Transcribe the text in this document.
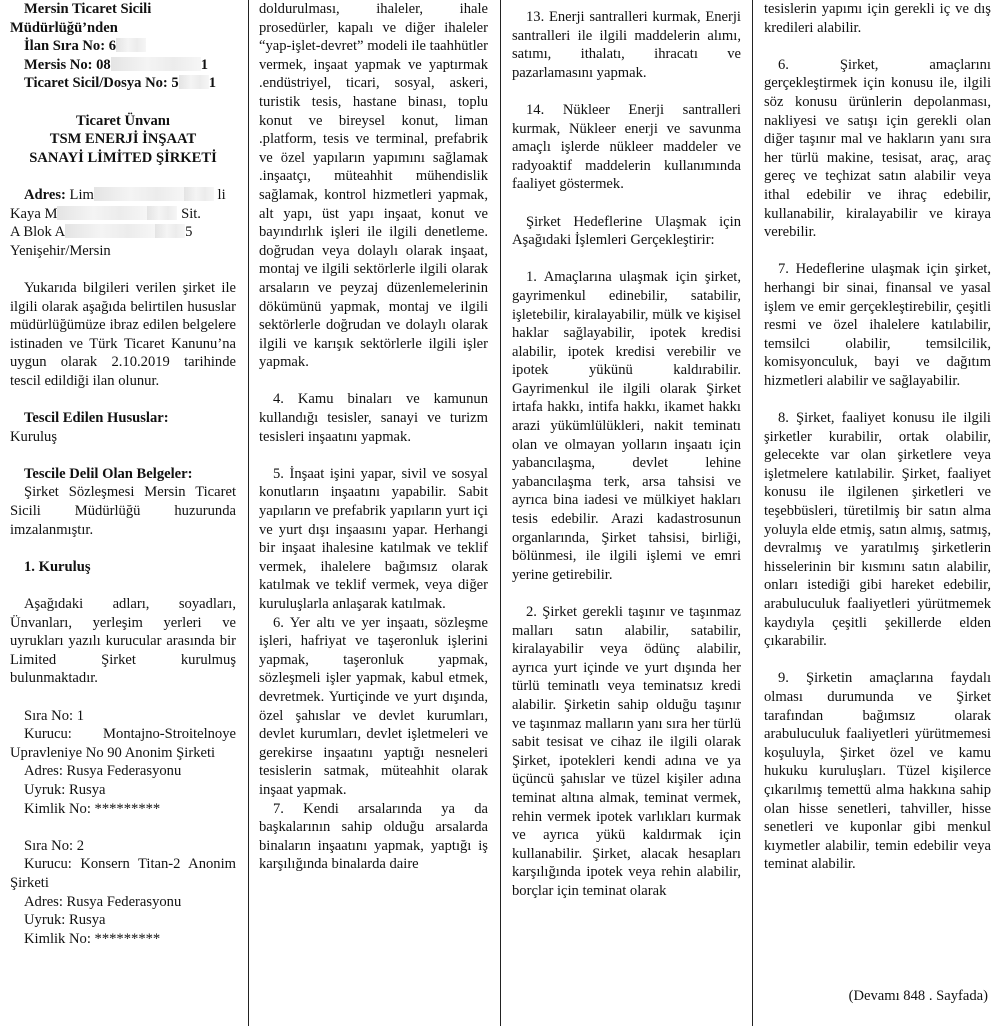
Mersin Ticaret Sicili

Müdürlüğü’nden

İlan Sıra No: 6

Mersis No: 08	1

Ticaret Sicil/Dosya No: 5 1

Ticaret Ünvanı

TSM ENERJİ İNŞAAT

SANAYİ LİMİTED ŞİRKETİ

Adres: Lim	li

Kaya M	Sit.

A Blok A	5

Yenişehir/Mersin

Yukarıda bilgileri verilen şirket ile ilgili olarak aşağıda belirtilen hususlar müdürlüğümüze ibraz edilen belgelere istinaden ve Türk Ticaret Kanunu’na uygun olarak 2.10.2019 tarihinde tescil edildiği ilan olunur.

Tescil Edilen Hususlar:

Kuruluş

Tescile Delil Olan Belgeler:

Şirket Sözleşmesi Mersin Ticaret Sicili Müdürlüğü huzurunda imzalanmıştır.

1. Kuruluş

Aşağıdaki adları, soyadları, Ünvanları, yerleşim yerleri ve uyrukları yazılı kurucular arasında bir Limited Şirket kurulmuş bulunmaktadır.

Sıra No: 1

Kurucu: Montajno-Stroitelnoye Upravleniye No 90 Anonim Şirketi

Adres: Rusya Federasyonu

Uyruk: Rusya

Kimlik No: *********

Sıra No: 2

Kurucu: Konsern Titan-2 Anonim Şirketi

Adres: Rusya Federasyonu

Uyruk: Rusya

Kimlik No: *********

doldurulması, ihaleler, ihale prosedürler, kapalı ve diğer ihaleler “yap-işlet-devret” modeli ile taahhütler vermek, inşaat yapmak ve yaptırmak .endüstriyel, ticari, sosyal, askeri, turistik tesis, hastane binası, toplu konut ve bireysel konut, liman .platform, tesis ve terminal, prefabrik ve özel yapıların yapımını sağlamak .inşaatçı, müteahhit mühendislik sağlamak, kontrol hizmetleri yapmak, alt yapı, üst yapı inşaat, konut ve bayındırlık işleri ile ilgili denetleme. doğrudan veya dolaylı olarak inşaat, montaj ve ilgili sektörlerle ilgili olarak arsaların ve peyzaj düzenlemelerinin dökümünü yapmak, montaj ve ilgili sektörlerle doğrudan ve dolaylı olarak ilgili ve karışık sektörlerle ilgili işler yapmak.

4. Kamu binaları ve kamunun kullandığı tesisler, sanayi ve turizm tesisleri inşaatını yapmak.

5. İnşaat işini yapar, sivil ve sosyal konutların inşaatını yapabilir. Sabit yapıların ve prefabrik yapıların yurt içi ve yurt dışı inşaasını yapar. Herhangi bir inşaat ihalesine katılmak ve teklif vermek, ihalelere bağımsız olarak katılmak ve teklif vermek, veya diğer kuruluşlarla anlaşarak katılmak.

6. Yer altı ve yer inşaatı, sözleşme işleri, hafriyat ve taşeronluk işlerini yapmak, taşeronluk yapmak, sözleşmeli işler yapmak, kabul etmek, devretmek. Yurtiçinde ve yurt dışında, özel şahıslar ve devlet kurumları, devlet kurumları, devlet işletmeleri ve gerekirse inşaatını yaptığı nesneleri tesislerin satmak, müteahhit olarak inşaat yapmak.

7. Kendi arsalarında ya da başkalarının sahip olduğu arsalarda binaların inşaatını yapmak, yaptığı iş karşılığında binalarda daire

13. Enerji santralleri kurmak, Enerji santralleri ile ilgili maddelerin alımı, satımı, ithalatı, ihracatı ve pazarlamasını yapmak.

14. Nükleer Enerji santralleri kurmak, Nükleer enerji ve savunma amaçlı işlerde nükleer maddeler ve radyoaktif maddelerin kullanımında faaliyet göstermek.

Şirket Hedeflerine Ulaşmak için Aşağıdaki İşlemleri Gerçekleştirir:

1. Amaçlarına ulaşmak için şirket, gayrimenkul edinebilir, satabilir, işletebilir, kiralayabilir, mülk ve kişisel haklar sağlayabilir, ipotek kredisi alabilir, ipotek kredisi verebilir ve ipotek yükünü kaldırabilir. Gayrimenkul ile ilgili olarak Şirket irtafa hakkı, intifa hakkı, ikamet hakkı arazi yükümlülükleri, nakit teminatı olan ve olmayan yolların inşaatı için yabancılaşma, devlet lehine yabancılaşma terk, arsa tahsisi ve ayrıca bina iadesi ve mülkiyet hakları tesis edebilir. Arazi kadastrosunun organlarında, Şirket tahsisi, birliği, bölünmesi, ile ilgili işlemi ve emri yerine getirebilir.

2. Şirket gerekli taşınır ve taşınmaz malları satın alabilir, satabilir, kiralayabilir veya ödünç alabilir, ayrıca yurt içinde ve yurt dışında her türlü teminatlı veya teminatsız kredi alabilir. Şirketin sahip olduğu taşınır ve taşınmaz malların yanı sıra her türlü sabit tesisat ve cihaz ile ilgili olarak Şirket, ipotekleri kendi adına ve ya üçüncü şahıslar ve tüzel kişiler adına teminat altına almak, teminat vermek, rehin vermek ipotek varlıkları kurmak ve ayrıca yükü kaldırmak için kullanabilir. Şirket, alacak hesapları karşılığında ipotek veya rehin alabilir, borçlar için teminat olarak

tesislerin yapımı için gerekli iç ve dış kredileri alabilir.

6. Şirket, amaçlarını gerçekleştirmek için konusu ile, ilgili söz konusu ürünlerin depolanması, nakliyesi ve satışı için gerekli olan diğer taşınır mal ve hakların yanı sıra her türlü makine, tesisat, araç, araç gereç ve teçhizat satın alabilir veya ithal edebilir ve ihraç edebilir, kullanabilir, kiralayabilir ve kiraya verebilir.

7. Hedeflerine ulaşmak için şirket, herhangi bir sinai, finansal ve yasal işlem ve emir gerçekleştirebilir, çeşitli resmi ve özel ihalelere katılabilir, temsilci olabilir, temsilcilik, komisyonculuk, bayi ve dağıtım hizmetleri alabilir ve sağlayabilir.

8. Şirket, faaliyet konusu ile ilgili şirketler kurabilir, ortak olabilir, gelecekte var olan şirketlere veya işletmelere katılabilir. Şirket, faaliyet konusu ile ilgilenen şirketleri ve teşebbüsleri, türetilmiş bir satın alma yoluyla elde etmiş, satın almış, satmış, devralmış ve yaratılmış şirketlerin hisselerinin bir kısmını satın alabilir, onları istediği gibi hareket edebilir, arabuluculuk faaliyetleri yürütmemek kaydıyla çeşitli şekillerde elden çıkarabilir.

9. Şirketin amaçlarına faydalı olması durumunda ve Şirket tarafından bağımsız olarak arabuluculuk faaliyetleri yürütmemesi koşuluyla, Şirket özel ve kamu hukuku kuruluşları. Tüzel kişilerce çıkarılmış temettü alma hakkına sahip olan hisse senetleri, tahviller, hisse senetleri ve kuponlar gibi menkul kıymetler alabilir, temin edebilir veya teminat alabilir.

(Devamı 848 . Sayfada)
